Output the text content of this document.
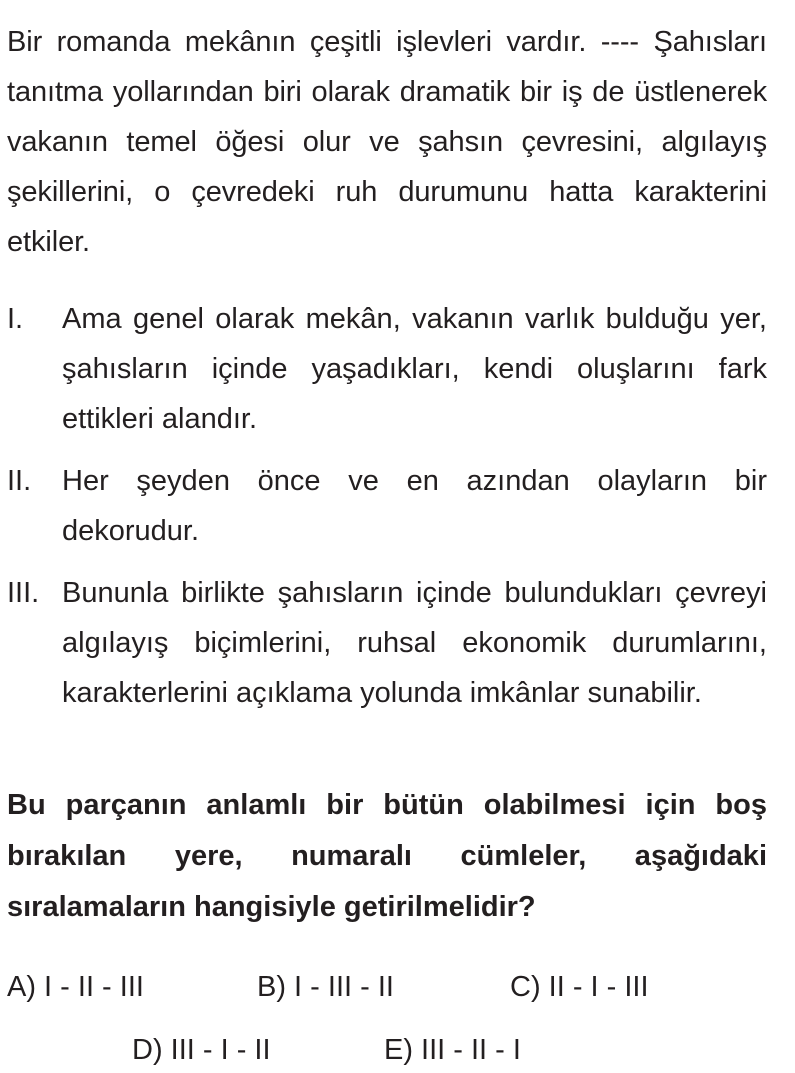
Bir romanda mekânın çeşitli işlevleri vardır. ---- Şahısları tanıtma yollarından biri olarak dramatik bir iş de üstlenerek vakanın temel öğesi olur ve şahsın çevresini, algılayış şekillerini, o çevredeki ruh durumunu hatta karakterini etkiler.
I. Ama genel olarak mekân, vakanın varlık bulduğu yer, şahısların içinde yaşadıkları, kendi oluşlarını fark ettikleri alandır.
II. Her şeyden önce ve en azından olayların bir dekorudur.
III. Bununla birlikte şahısların içinde bulundukları çevreyi algılayış biçimlerini, ruhsal ekonomik durumlarını, karakterlerini açıklama yolunda imkânlar sunabilir.
Bu parçanın anlamlı bir bütün olabilmesi için boş bırakılan yere, numaralı cümleler, aşağıdaki sıralamaların hangisiyle getirilmelidir?
A) I - II - III	B) I - III - II	C) II - I - III
D) III - I - II	E) III - II - I
